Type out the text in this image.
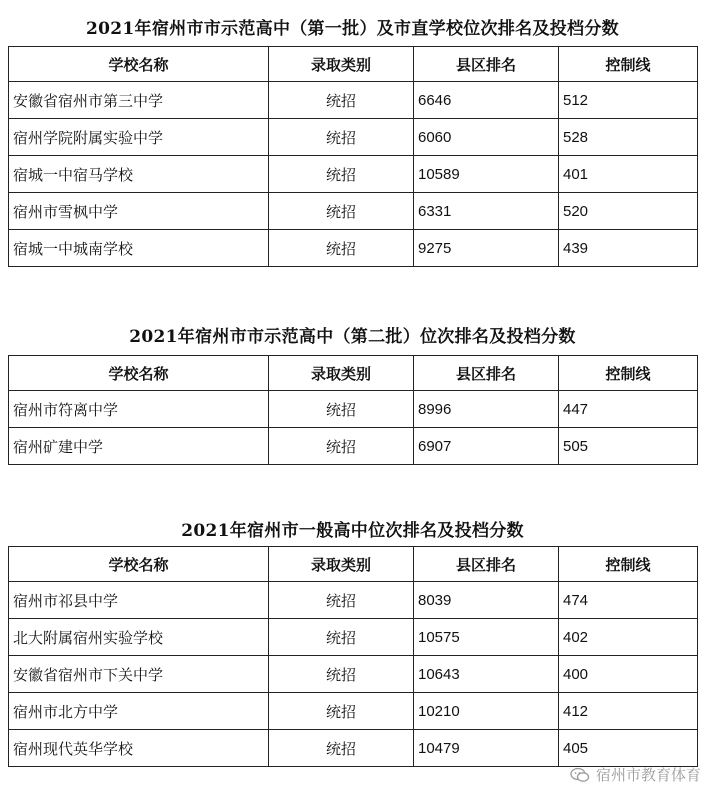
2021年宿州市市示范高中（第一批）及市直学校位次排名及投档分数
学校名称	录取类别	县区排名	控制线
安徽省宿州市第三中学	统招	6646	512
宿州学院附属实验中学	统招	6060	528
宿城一中宿马学校	统招	10589	401
宿州市雪枫中学	统招	6331	520
宿城一中城南学校	统招	9275	439
2021年宿州市市示范高中（第二批）位次排名及投档分数
学校名称	录取类别	县区排名	控制线
宿州市符离中学	统招	8996	447
宿州矿建中学	统招	6907	505
2021年宿州市一般高中位次排名及投档分数
学校名称	录取类别	县区排名	控制线
宿州市祁县中学	统招	8039	474
北大附属宿州实验学校	统招	10575	402
安徽省宿州市下关中学	统招	10643	400
宿州市北方中学	统招	10210	412
宿州现代英华学校	统招	10479	405
宿州市教育体育
